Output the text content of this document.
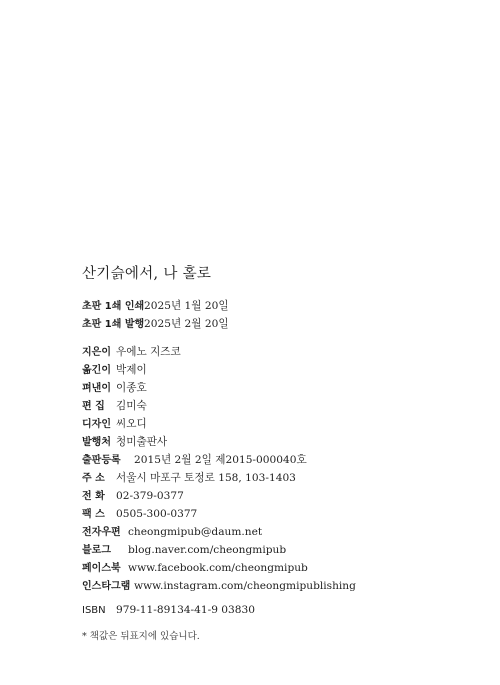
산기슭에서, 나 홀로
초판 1쇄 인쇄 2025년 1월 20일
초판 1쇄 발행 2025년 2월 20일
지은이 우에노 지즈코
옮긴이 박제이
펴낸이 이종호
편 집	김미숙
디자인 씨오디
발행처 청미출판사
출판등록	2015년 2월 2일 제2015-000040호
주 소	서울시 마포구 토정로 158, 103-1403
전 화	02-379-0377
팩 스	0505-300-0377
전자우편 cheongmipub@daum.net
블로그	blog.naver.com/cheongmipub
페이스북 www.facebook.com/cheongmipub
인스타그램 www.instagram.com/cheongmipublishing
ISBN 979-11-89134-41-9 03830
* 책값은 뒤표지에 있습니다.
